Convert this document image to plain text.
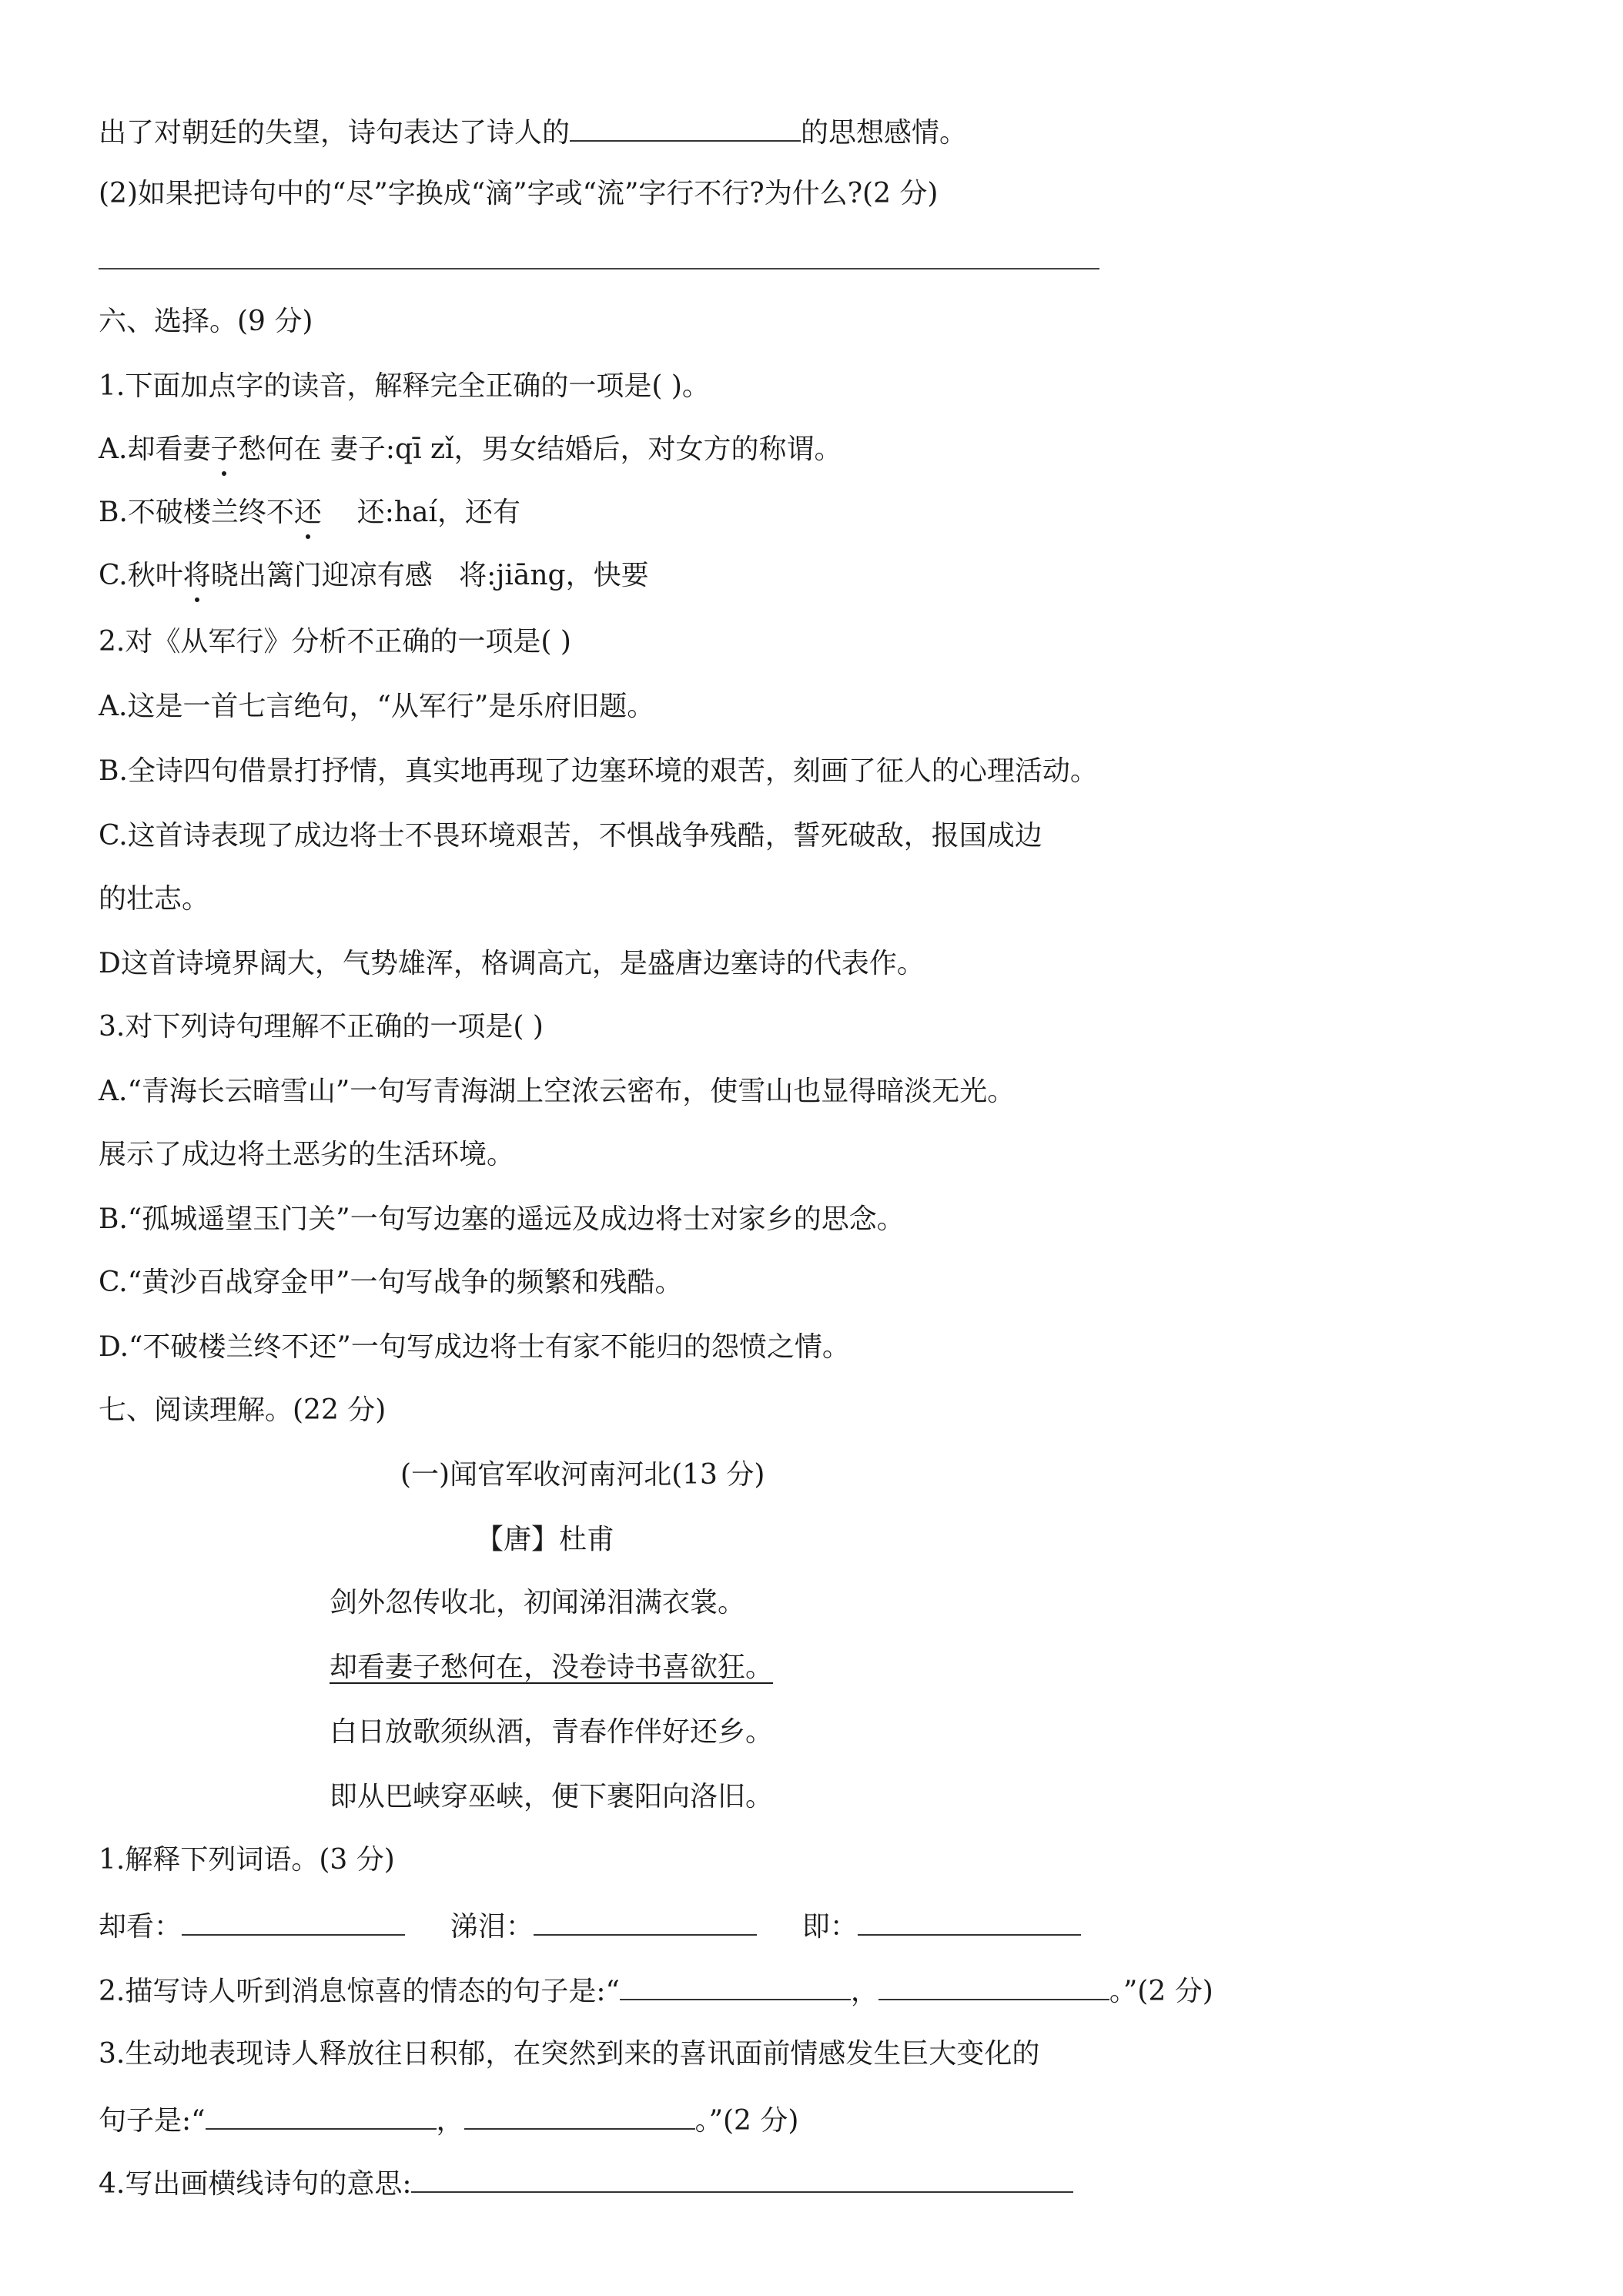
出了对朝廷的失望，诗句表达了诗人的	的思想感情。
(2)如果把诗句中的“尽”字换成“滴”字或“流”字行不行?为什么?(2 分)
六、选择。(9 分)
1.下面加点字的读音，解释完全正确的一项是( )。
A.却看妻子愁何在 妻子:qī zǐ，男女结婚后，对女方的称谓。
B.不破楼兰终不还    还:haí，还有
C.秋叶将晓出篱门迎凉有感   将:jiāng，快要
2.对《从军行》分析不正确的一项是( )
A.这是一首七言绝句，“从军行”是乐府旧题。
B.全诗四句借景打抒情，真实地再现了边塞环境的艰苦，刻画了征人的心理活动。
C.这首诗表现了成边将士不畏环境艰苦，不惧战争残酷，誓死破敌，报国成边
的壮志。
D这首诗境界阔大，气势雄浑，格调高亢，是盛唐边塞诗的代表作。
3.对下列诗句理解不正确的一项是( )
A.“青海长云暗雪山”一句写青海湖上空浓云密布，使雪山也显得暗淡无光。
展示了成边将土恶劣的生活环境。
B.“孤城遥望玉门关”一句写边塞的遥远及成边将士对家乡的思念。
C.“黄沙百战穿金甲”一句写战争的频繁和残酷。
D.“不破楼兰终不还”一句写成边将士有家不能归的怨愤之情。
七、阅读理解。(22 分)
(一)闻官军收河南河北(13 分)
【唐】杜甫
剑外忽传收北，初闻涕泪满衣裳。
却看妻子愁何在，没卷诗书喜欲狂。
白日放歌须纵酒，青春作伴好还乡。
即从巴峡穿巫峡，便下裹阳向洛旧。
1.解释下列词语。(3 分)
却看：	涕泪：	即：
2.描写诗人听到消息惊喜的情态的句子是:“	，	。”(2 分)
3.生动地表现诗人释放往日积郁，在突然到来的喜讯面前情感发生巨大变化的
句子是:“	，	。”(2 分)
4.写出画横线诗句的意思:
